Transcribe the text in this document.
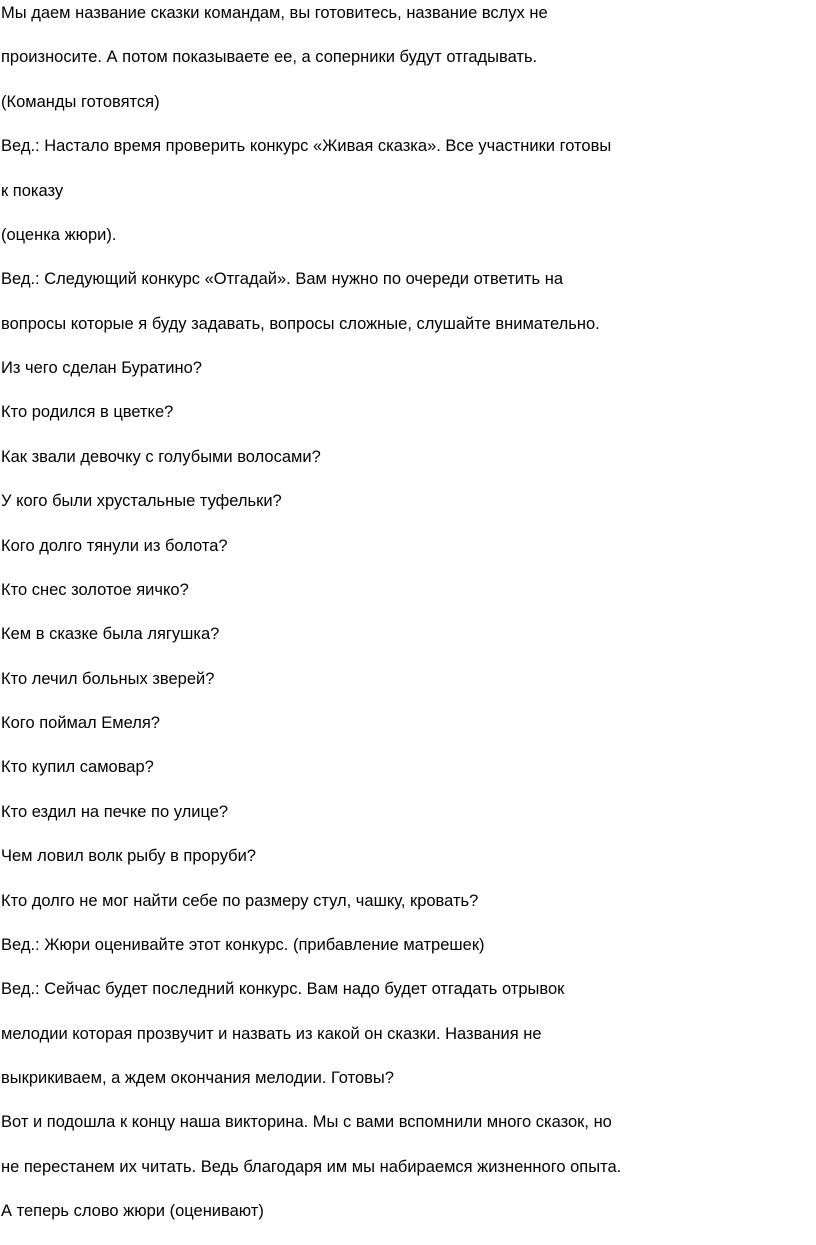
Мы даем название сказки командам, вы готовитесь, название вслух не

произносите. А потом показываете ее, а соперники будут отгадывать.

(Команды готовятся)

Вед.: Настало время проверить конкурс «Живая сказка». Все участники готовы

к показу

(оценка жюри).

Вед.: Следующий конкурс «Отгадай». Вам нужно по очереди ответить на

вопросы которые я буду задавать, вопросы сложные, слушайте внимательно.

Из чего сделан Буратино?

Кто родился в цветке?

Как звали девочку с голубыми волосами?

У кого были хрустальные туфельки?

Кого долго тянули из болота?

Кто снес золотое яичко?

Кем в сказке была лягушка?

Кто лечил больных зверей?

Кого поймал Емеля?

Кто купил самовар?

Кто ездил на печке по улице?

Чем ловил волк рыбу в проруби?

Кто долго не мог найти себе по размеру стул, чашку, кровать?

Вед.: Жюри оценивайте этот конкурс. (прибавление матрешек)

Вед.: Сейчас будет последний конкурс. Вам надо будет отгадать отрывок

мелодии которая прозвучит и назвать из какой он сказки. Названия не

выкрикиваем, а ждем окончания мелодии. Готовы?

Вот и подошла к концу наша викторина. Мы с вами вспомнили много сказок, но

не перестанем их читать. Ведь благодаря им мы набираемся жизненного опыта.

А теперь слово жюри (оценивают)
